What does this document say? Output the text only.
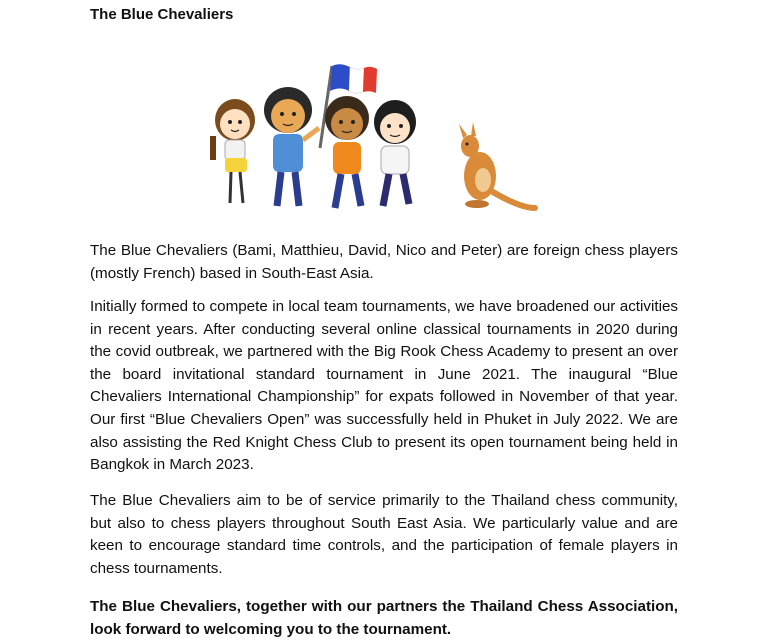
The Blue Chevaliers

The Blue Chevaliers (Bami, Matthieu, David, Nico and Peter) are foreign chess players (mostly French) based in South-East Asia.

Initially formed to compete in local team tournaments, we have broadened our activities in recent years. After conducting several online classical tournaments in 2020 during the covid outbreak, we partnered with the Big Rook Chess Academy to present an over the board invitational standard tournament in June 2021. The inaugural “Blue Chevaliers International Championship” for expats followed in November of that year. Our first “Blue Chevaliers Open” was successfully held in Phuket in July 2022. We are also assisting the Red Knight Chess Club to present its open tournament being held in Bangkok in March 2023.

The Blue Chevaliers aim to be of service primarily to the Thailand chess community, but also to chess players throughout South East Asia. We particularly value and are keen to encourage standard time controls, and the participation of female players in chess tournaments.

The Blue Chevaliers, together with our partners the Thailand Chess Association, look forward to welcoming you to the tournament.
